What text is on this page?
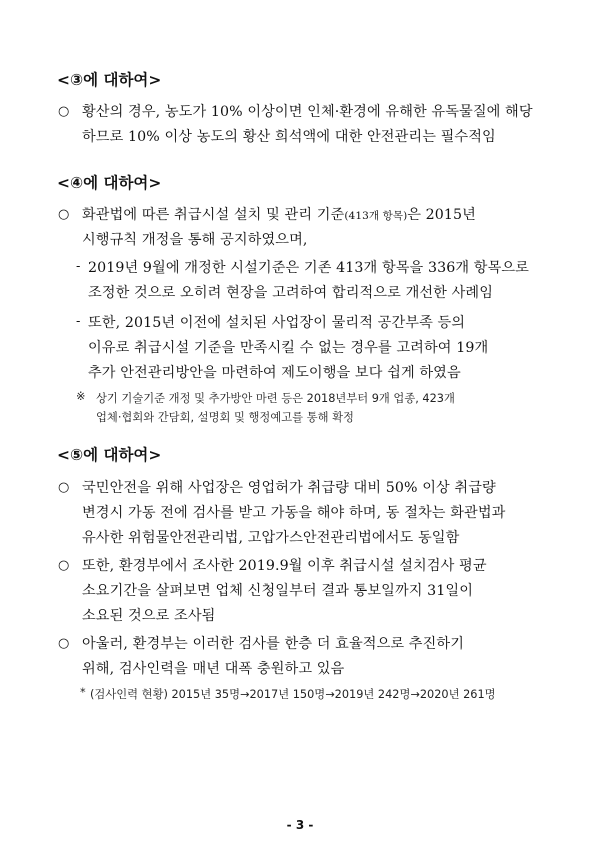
<③에 대하여>
○ 황산의 경우, 농도가 10% 이상이면 인체·환경에 유해한 유독물질에 해당
하므로 10% 이상 농도의 황산 희석액에 대한 안전관리는 필수적임
<④에 대하여>
○ 화관법에 따른 취급시설 설치 및 관리 기준(413개 항목)은 2015년
시행규칙 개정을 통해 공지하였으며,
- 2019년 9월에 개정한 시설기준은 기존 413개 항목을 336개 항목으로
조정한 것으로 오히려 현장을 고려하여 합리적으로 개선한 사례임
- 또한, 2015년 이전에 설치된 사업장이 물리적 공간부족 등의
이유로 취급시설 기준을 만족시킬 수 없는 경우를 고려하여 19개
추가 안전관리방안을 마련하여 제도이행을 보다 쉽게 하였음
※ 상기 기술기준 개정 및 추가방안 마련 등은 2018년부터 9개 업종, 423개
업체·협회와 간담회, 설명회 및 행정예고를 통해 확정
<⑤에 대하여>
○ 국민안전을 위해 사업장은 영업허가 취급량 대비 50% 이상 취급량
변경시 가동 전에 검사를 받고 가동을 해야 하며, 동 절차는 화관법과
유사한 위험물안전관리법, 고압가스안전관리법에서도 동일함
○ 또한, 환경부에서 조사한 2019.9월 이후 취급시설 설치검사 평균
소요기간을 살펴보면 업체 신청일부터 결과 통보일까지 31일이
소요된 것으로 조사됨
○ 아울러, 환경부는 이러한 검사를 한층 더 효율적으로 추진하기
위해, 검사인력을 매년 대폭 충원하고 있음
* (검사인력 현황) 2015년 35명→2017년 150명→2019년 242명→2020년 261명
- 3 -
